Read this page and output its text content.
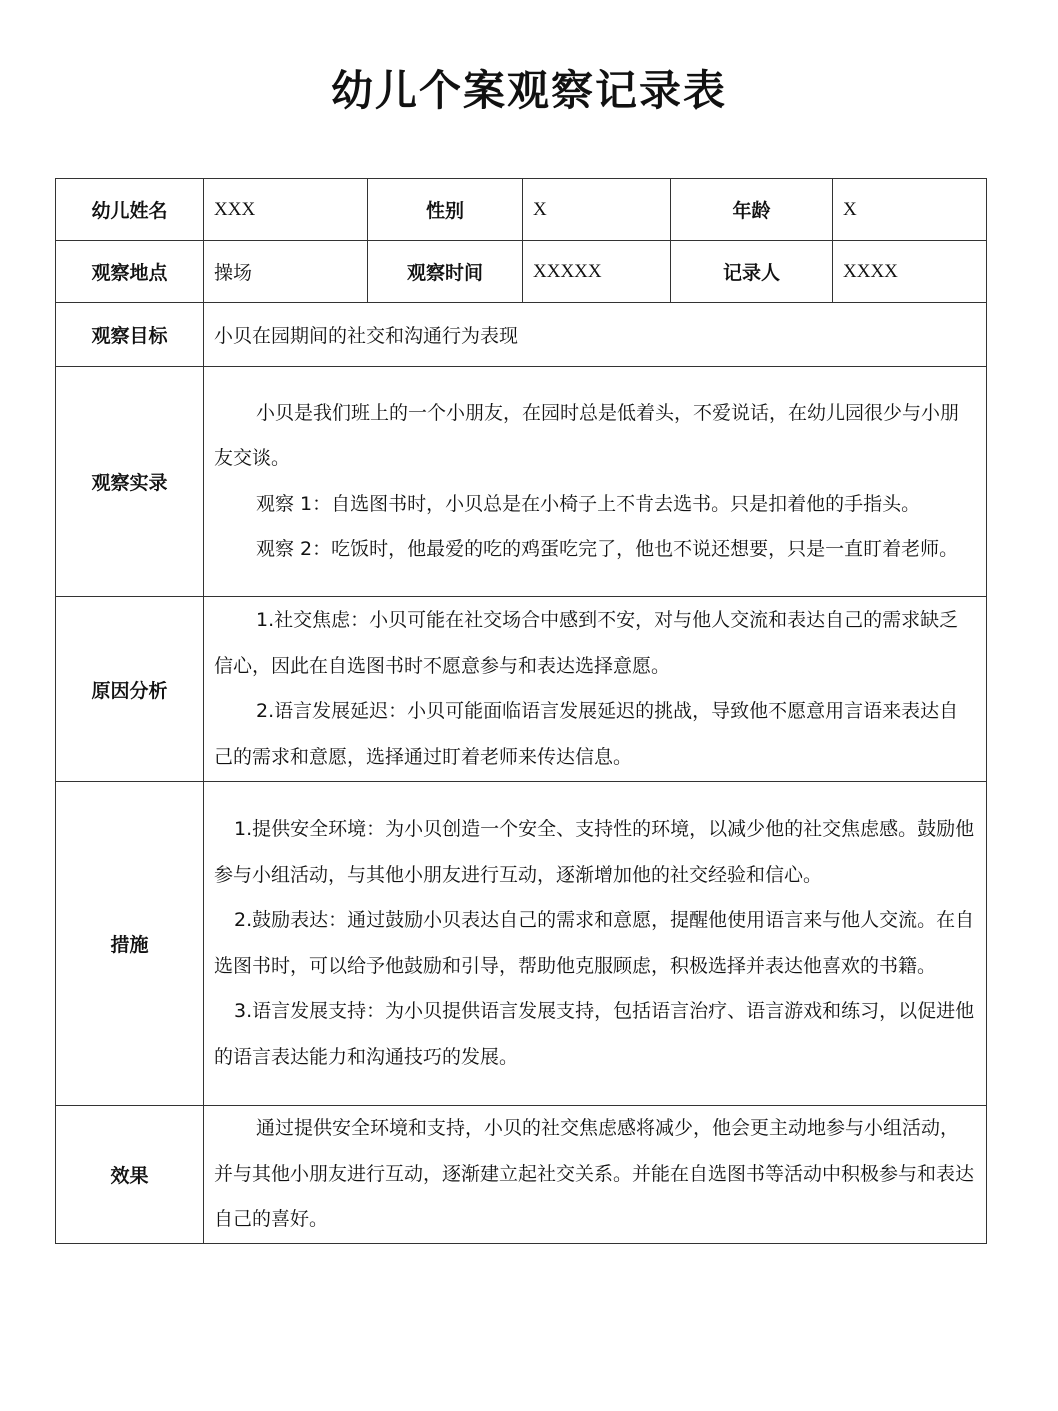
幼儿个案观察记录表
幼儿姓名	XXX	性别	X	年龄	X
观察地点	操场	观察时间	XXXXX	记录人	XXXX
观察目标	小贝在园期间的社交和沟通行为表现				
观察实录	小贝是我们班上的一个小朋友，在园时总是低着头，不爱说话，在幼儿园很少与小朋友交谈。

观察 1：自选图书时，小贝总是在小椅子上不肯去选书。只是扣着他的手指头。

观察 2：吃饭时，他最爱的吃的鸡蛋吃完了，他也不说还想要，只是一直盯着老师。				

原因分析	1.社交焦虑：小贝可能在社交场合中感到不安，对与他人交流和表达自己的需求缺乏信心，因此在自选图书时不愿意参与和表达选择意愿。

2.语言发展延迟：小贝可能面临语言发展延迟的挑战，导致他不愿意用言语来表达自己的需求和意愿，选择通过盯着老师来传达信息。				

措施	1.提供安全环境：为小贝创造一个安全、支持性的环境，以减少他的社交焦虑感。鼓励他参与小组活动，与其他小朋友进行互动，逐渐增加他的社交经验和信心。

2.鼓励表达：通过鼓励小贝表达自己的需求和意愿，提醒他使用语言来与他人交流。在自选图书时，可以给予他鼓励和引导，帮助他克服顾虑，积极选择并表达他喜欢的书籍。

3.语言发展支持：为小贝提供语言发展支持，包括语言治疗、语言游戏和练习，以促进他的语言表达能力和沟通技巧的发展。				

效果	通过提供安全环境和支持，小贝的社交焦虑感将减少，他会更主动地参与小组活动，并与其他小朋友进行互动，逐渐建立起社交关系。并能在自选图书等活动中积极参与和表达自己的喜好。				
